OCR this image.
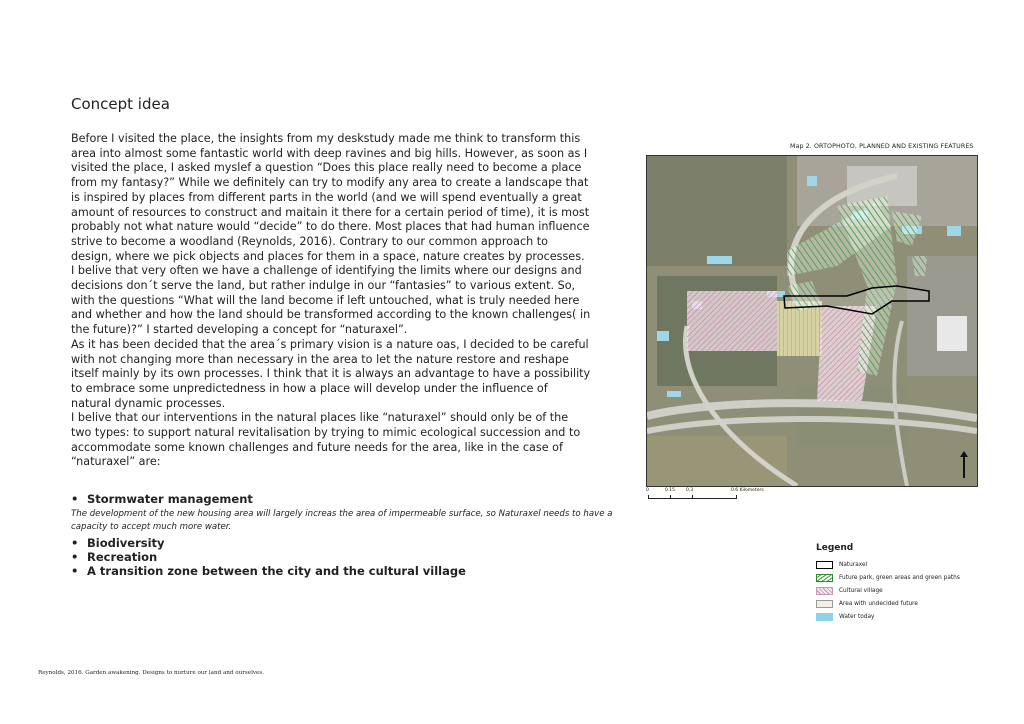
Concept idea

Before I visited the place, the insights from my deskstudy made me think to transform this area into almost some fantastic world with deep ravines and big hills. However, as soon as I visited the place, I asked myslef a question “Does this place really need to become a place from my fantasy?” While we definitely can try to modify any area to create a landscape that is inspired by places from different parts in the world (and we will spend eventually a great amount of resources to construct and maitain it there for a certain period of time), it is most probably not what nature would “decide” to do there. Most places that had human influence strive to become a woodland (Reynolds, 2016). Contrary to our common approach to design, where we pick objects and places for them in a space, nature creates by processes. I belive that very often we have a challenge of identifying the limits where our designs and decisions don´t serve the land, but rather indulge in our “fantasies” to various extent. So, with the questions “What will the land become if left untouched, what is truly needed here and whether and how the land should be transformed according to the known challenges( in the future)?” I started developing a concept for “naturaxel”.

As it has been decided that the area´s primary vision is a nature oas, I decided to be careful with not changing more than necessary in the area to let the nature restore and reshape itself mainly by its own processes. I think that it is always an advantage to have a possibility to embrace some unpredictedness in how a place will develop under the influence of natural dynamic processes.

I belive that our interventions in the natural places like “naturaxel” should only be of the two types: to support natural revitalisation by trying to mimic ecological succession and to accommodate some known challenges and future needs for the area, like in the case of “naturaxel” are:

• Stormwater management
The development of the new housing area will largely increas the area of impermeable surface, so Naturaxel needs to have a capacity to accept much more water.
• Biodiversity
• Recreation
• A transition zone between the city and the cultural village
Reynolds, 2016. Garden awakening. Designs to nurture our land and ourselves.
Map 2. ORTOPHOTO, PLANNED AND EXISTING FEATURES
0	0.15 0.3	0.6 Kilometers
Legend
Naturaxel
Future park, green areas and green paths
Cultural village
Area with undecided future
Water today
